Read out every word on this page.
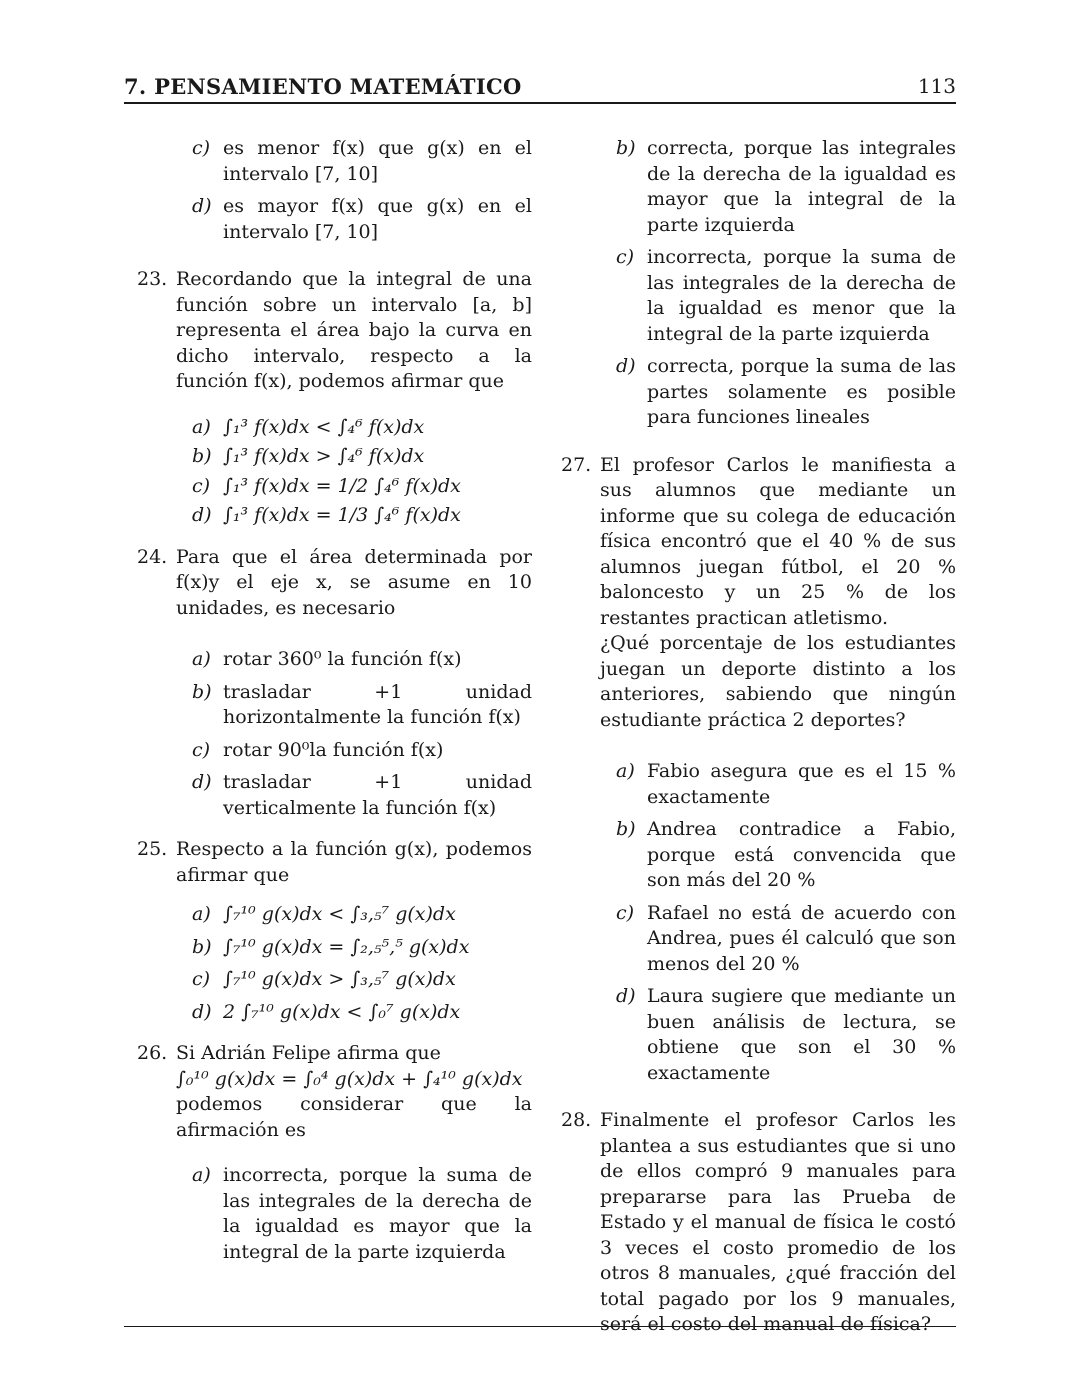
7. PENSAMIENTO MATEMÁTICO	113
c) es menor f(x) que g(x) en el intervalo [7, 10]
d) es mayor f(x) que g(x) en el intervalo [7, 10]
23. Recordando que la integral de una función sobre un intervalo [a, b] representa el área bajo la curva en dicho intervalo, respecto a la función f(x), podemos afirmar que
a) ∫₁³ f(x)dx < ∫₄⁶ f(x)dx
b) ∫₁³ f(x)dx > ∫₄⁶ f(x)dx
c) ∫₁³ f(x)dx = 1/2 ∫₄⁶ f(x)dx
d) ∫₁³ f(x)dx = 1/3 ∫₄⁶ f(x)dx
24. Para que el área determinada por f(x)y el eje x, se asume en 10 unidades, es necesario
a) rotar 360⁰ la función f(x)
b) trasladar +1 unidad horizontalmente la función f(x)
c) rotar 90⁰la función f(x)
d) trasladar +1 unidad verticalmente la función f(x)
25. Respecto a la función g(x), podemos afirmar que
a) ∫₇¹⁰ g(x)dx < ∫₃,₅⁷ g(x)dx
b) ∫₇¹⁰ g(x)dx = ∫₂,₅⁵,⁵ g(x)dx
c) ∫₇¹⁰ g(x)dx > ∫₃,₅⁷ g(x)dx
d) 2 ∫₇¹⁰ g(x)dx < ∫₀⁷ g(x)dx
26. Si Adrián Felipe afirma que
∫₀¹⁰ g(x)dx = ∫₀⁴ g(x)dx + ∫₄¹⁰ g(x)dx
podemos considerar que la afirmación es
a) incorrecta, porque la suma de las integrales de la derecha de la igualdad es mayor que la integral de la parte izquierda
b) correcta, porque las integrales de la derecha de la igualdad es mayor que la integral de la parte izquierda
c) incorrecta, porque la suma de las integrales de la derecha de la igualdad es menor que la integral de la parte izquierda
d) correcta, porque la suma de las partes solamente es posible para funciones lineales
27. El profesor Carlos le manifiesta a sus alumnos que mediante un informe que su colega de educación física encontró que el 40 % de sus alumnos juegan fútbol, el 20 % baloncesto y un 25 % de los restantes practican atletismo.
¿Qué porcentaje de los estudiantes juegan un deporte distinto a los anteriores, sabiendo que ningún estudiante práctica 2 deportes?
a) Fabio asegura que es el 15 % exactamente
b) Andrea contradice a Fabio, porque está convencida que son más del 20 %
c) Rafael no está de acuerdo con Andrea, pues él calculó que son menos del 20 %
d) Laura sugiere que mediante un buen análisis de lectura, se obtiene que son el 30 % exactamente
28. Finalmente el profesor Carlos les plantea a sus estudiantes que si uno de ellos compró 9 manuales para prepararse para las Prueba de Estado y el manual de física le costó 3 veces el costo promedio de los otros 8 manuales, ¿qué fracción del total pagado por los 9 manuales, será el costo del manual de física?
